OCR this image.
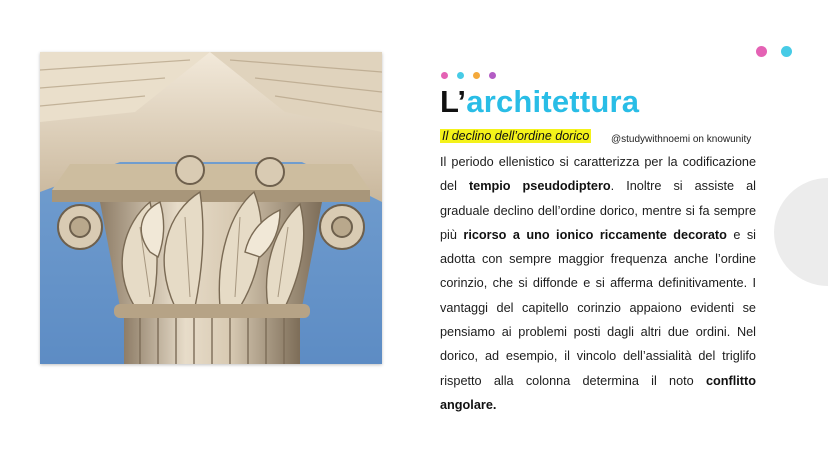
L’architettura
Il declino dell’ordine dorico @studywithnoemi on knowunity

Il periodo ellenistico si caratterizza per la codificazione del tempio pseudodiptero. Inoltre si assiste al graduale declino dell’ordine dorico, mentre si fa sempre più ricorso a uno ionico riccamente decorato e si adotta con sempre maggior frequenza anche l’ordine corinzio, che si diffonde e si afferma definitivamente. I vantaggi del capitello corinzio appaiono evidenti se pensiamo ai problemi posti dagli altri due ordini. Nel dorico, ad esempio, il vincolo dell’assialità del triglifo rispetto alla colonna determina il noto conflitto angolare.
